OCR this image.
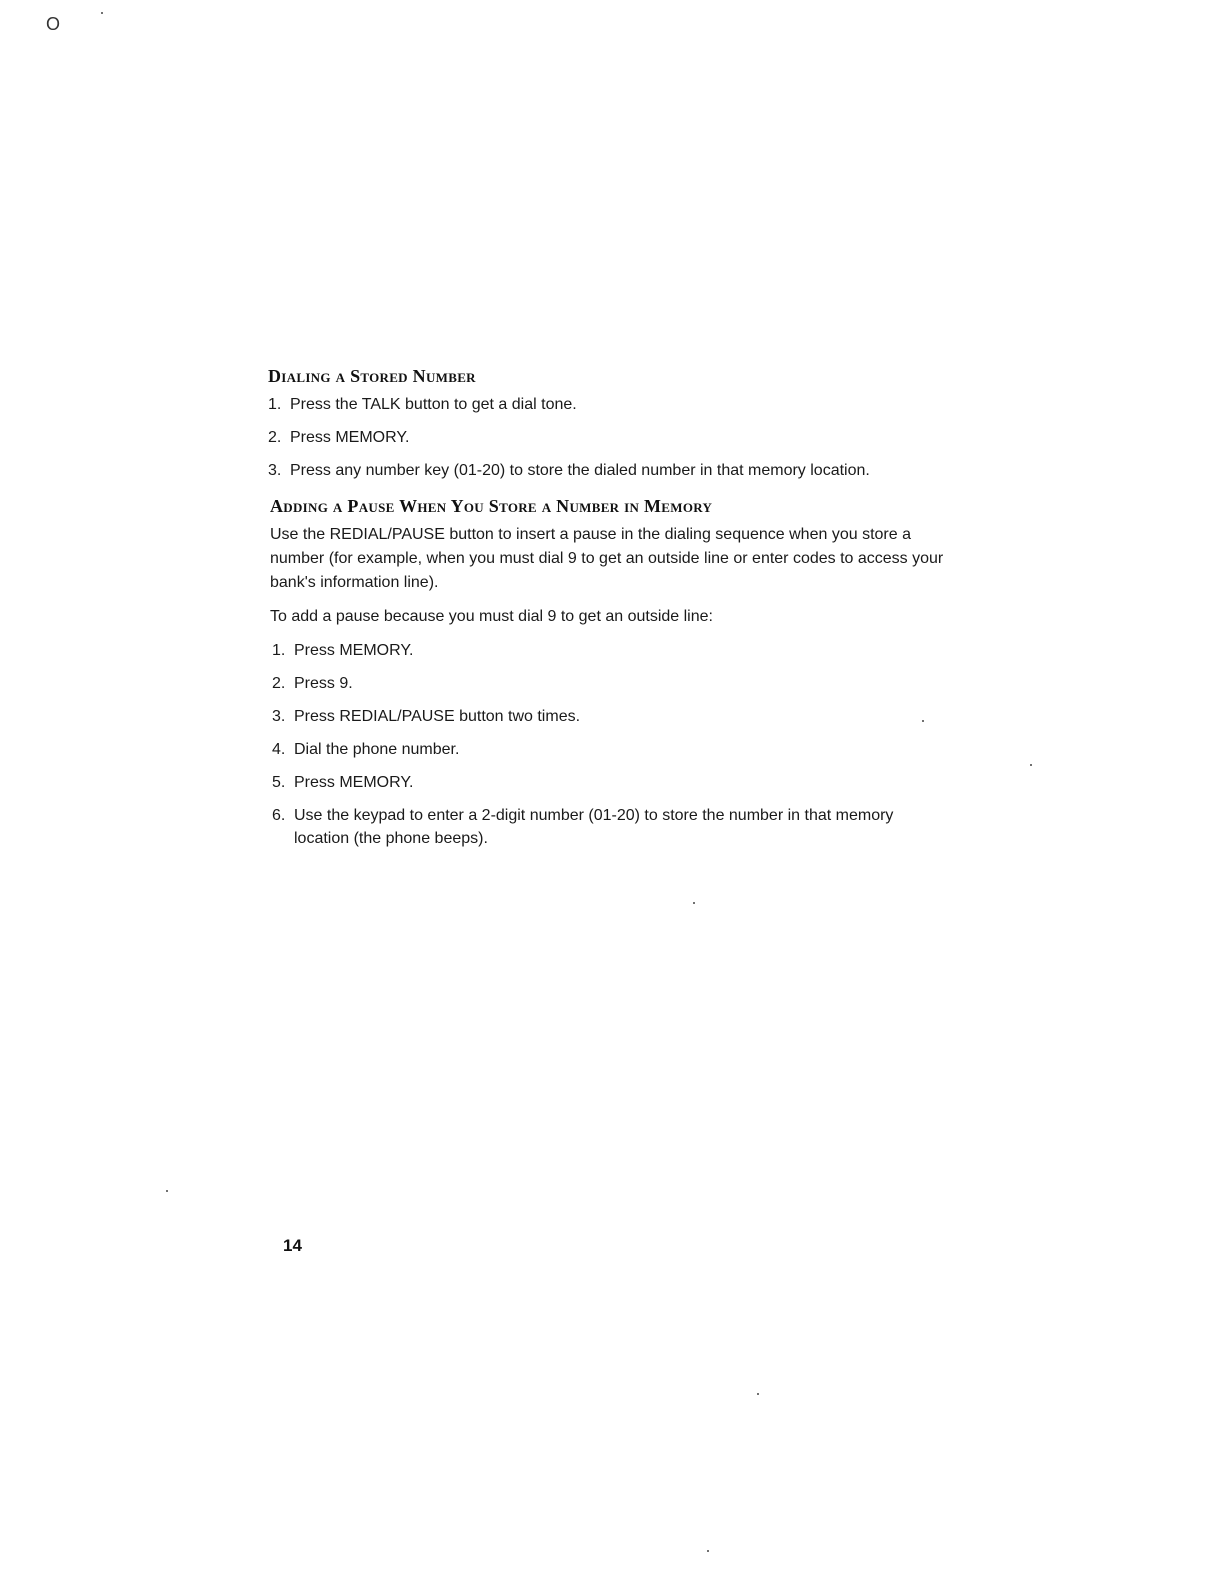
O
Dialing a Stored Number
1. Press the TALK button to get a dial tone.
2. Press MEMORY.
3. Press any number key (01-20) to store the dialed number in that memory location.
Adding a Pause When You Store a Number in Memory

Use the REDIAL/PAUSE button to insert a pause in the dialing sequence when you store a number (for example, when you must dial 9 to get an outside line or enter codes to access your bank's information line).

To add a pause because you must dial 9 to get an outside line:

1. Press MEMORY.
2. Press 9.
3. Press REDIAL/PAUSE button two times.
4. Dial the phone number.
5. Press MEMORY.
6. Use the keypad to enter a 2-digit number (01-20) to store the number in that memory location (the phone beeps).
14
